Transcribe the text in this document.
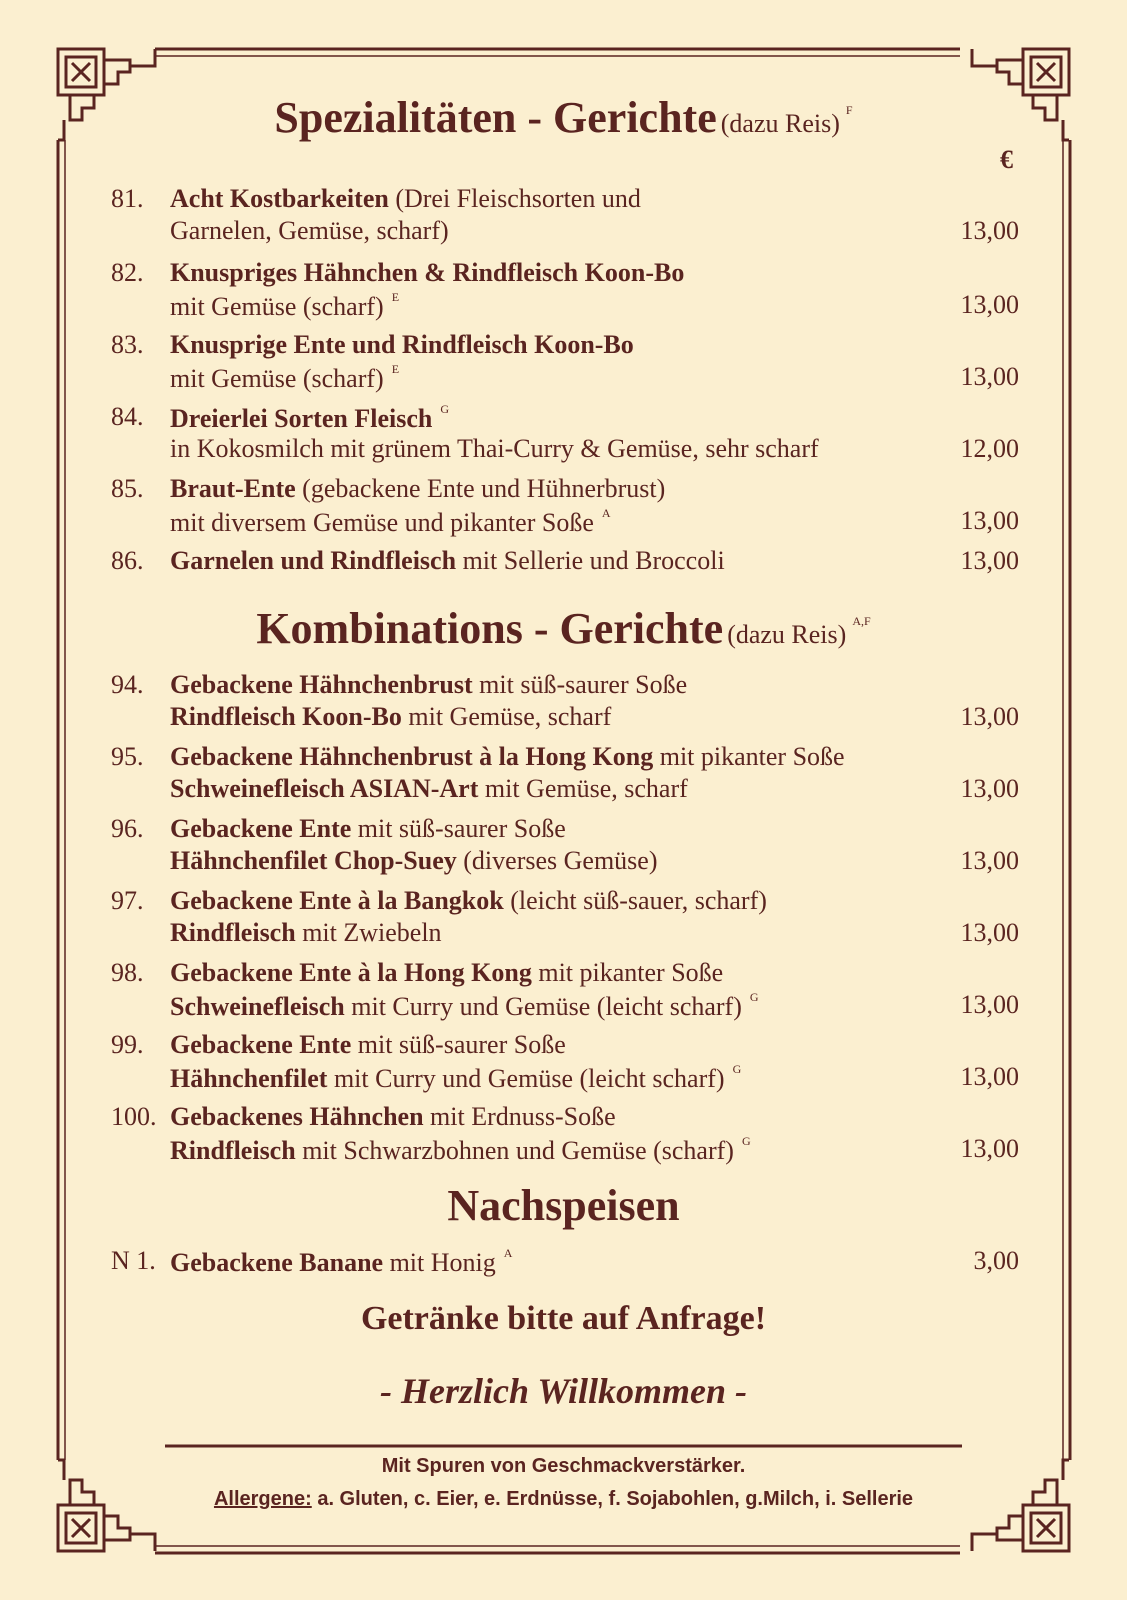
Spezialitäten - Gerichte (dazu Reis) $^F$
€
81. Acht Kostbarkeiten (Drei Fleischsorten und
Garnelen, Gemüse, scharf)	13,00
82. Knuspriges Hähnchen & Rindfleisch Koon-Bo
mit Gemüse (scharf) $^E$	13,00
83. Knusprige Ente und Rindfleisch Koon-Bo
mit Gemüse (scharf) $^E$	13,00
84. Dreierlei Sorten Fleisch $^G$
in Kokosmilch mit grünem Thai-Curry & Gemüse, sehr scharf	12,00
85. Braut-Ente (gebackene Ente und Hühnerbrust)
mit diversem Gemüse und pikanter Soße $^A$	13,00
86. Garnelen und Rindfleisch mit Sellerie und Broccoli	13,00
Kombinations - Gerichte (dazu Reis) $^{A,F}$
94. Gebackene Hähnchenbrust mit süß-saurer Soße
Rindfleisch Koon-Bo mit Gemüse, scharf	13,00
95. Gebackene Hähnchenbrust à la Hong Kong mit pikanter Soße
Schweinefleisch ASIAN-Art mit Gemüse, scharf	13,00
96. Gebackene Ente mit süß-saurer Soße
Hähnchenfilet Chop-Suey (diverses Gemüse)	13,00
97. Gebackene Ente à la Bangkok (leicht süß-sauer, scharf)
Rindfleisch mit Zwiebeln	13,00
98. Gebackene Ente à la Hong Kong mit pikanter Soße
Schweinefleisch mit Curry und Gemüse (leicht scharf) $^G$	13,00
99. Gebackene Ente mit süß-saurer Soße
Hähnchenfilet mit Curry und Gemüse (leicht scharf) $^G$	13,00
100. Gebackenes Hähnchen mit Erdnuss-Soße
Rindfleisch mit Schwarzbohnen und Gemüse (scharf) $^G$	13,00
Nachspeisen
N 1. Gebackene Banane mit Honig $^A$	3,00
Getränke bitte auf Anfrage!
- Herzlich Willkommen -
Mit Spuren von Geschmackverstärker.
Allergene: a. Gluten, c. Eier, e. Erdnüsse, f. Sojabohlen, g.Milch, i. Sellerie
